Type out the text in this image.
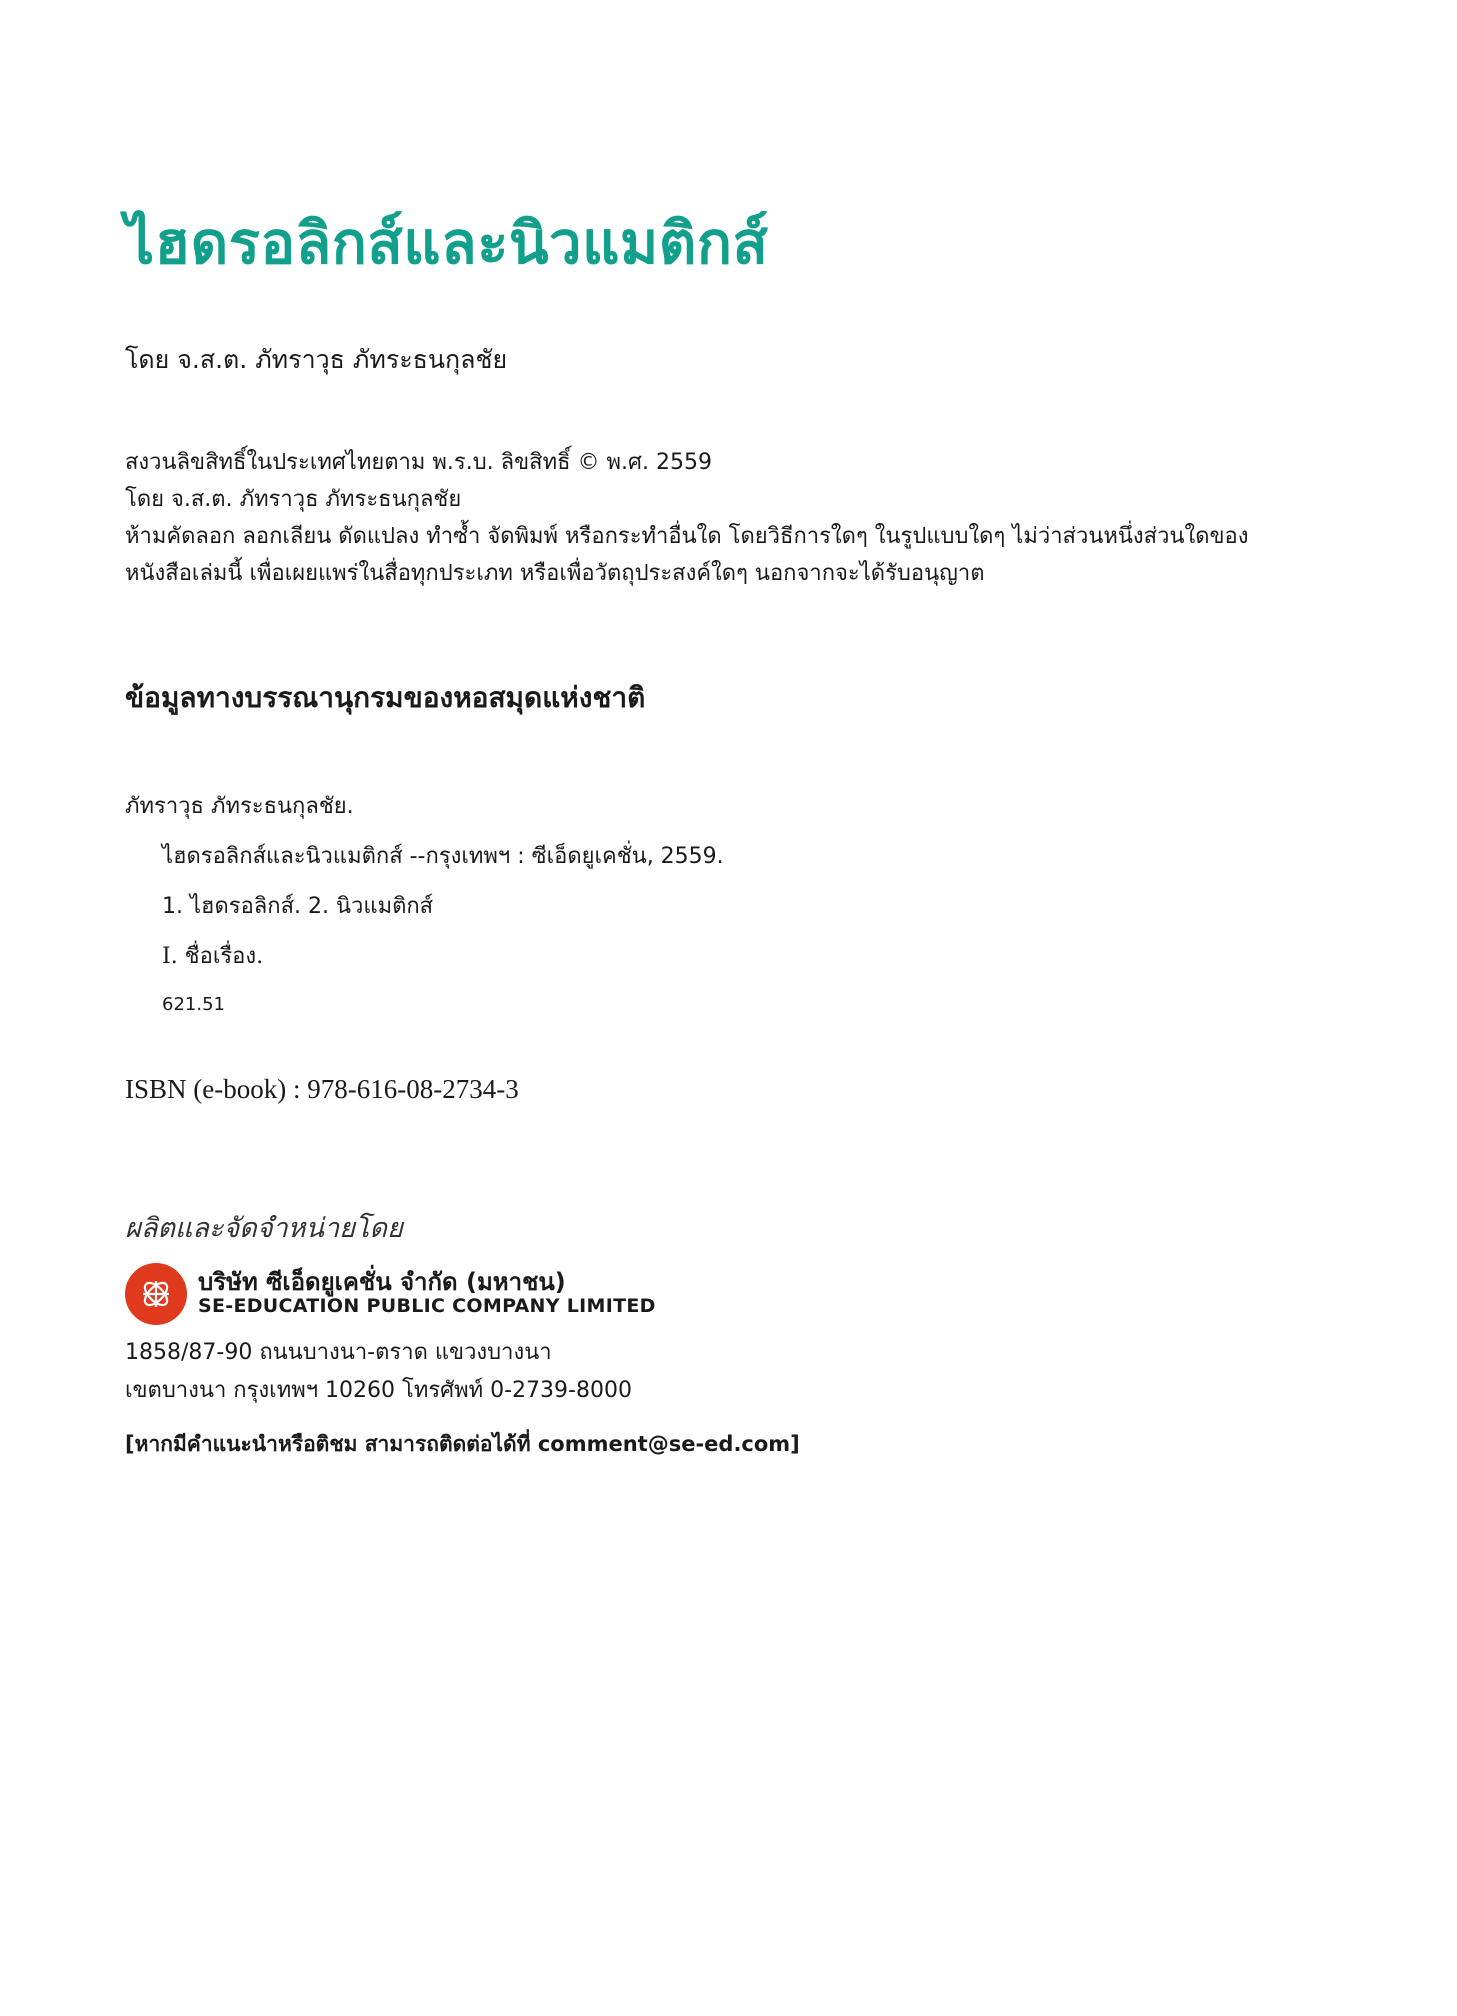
ไฮดรอลิกส์และนิวแมติกส์
โดย จ.ส.ต. ภัทราวุธ ภัทระธนกุลชัย
สงวนลิขสิทธิ์ในประเทศไทยตาม พ.ร.บ. ลิขสิทธิ์ © พ.ศ. 2559
โดย จ.ส.ต. ภัทราวุธ ภัทระธนกุลชัย
ห้ามคัดลอก ลอกเลียน ดัดแปลง ทำซ้ำ จัดพิมพ์ หรือกระทำอื่นใด โดยวิธีการใดๆ ในรูปแบบใดๆ ไม่ว่าส่วนหนึ่งส่วนใดของ
หนังสือเล่มนี้ เพื่อเผยแพร่ในสื่อทุกประเภท หรือเพื่อวัตถุประสงค์ใดๆ นอกจากจะได้รับอนุญาต
ข้อมูลทางบรรณานุกรมของหอสมุดแห่งชาติ
ภัทราวุธ ภัทระธนกุลชัย.
ไฮดรอลิกส์และนิวแมติกส์ --กรุงเทพฯ : ซีเอ็ดยูเคชั่น, 2559.
1. ไฮดรอลิกส์. 2. นิวแมติกส์
I. ชื่อเรื่อง.
621.51
ISBN (e-book) : 978-616-08-2734-3
ผลิตและจัดจำหน่ายโดย
บริษัท ซีเอ็ดยูเคชั่น จำกัด (มหาชน)
SE-EDUCATION PUBLIC COMPANY LIMITED
1858/87-90 ถนนบางนา-ตราด แขวงบางนา
เขตบางนา กรุงเทพฯ 10260 โทรศัพท์ 0-2739-8000
[หากมีคำแนะนำหรือติชม สามารถติดต่อได้ที่ comment@se-ed.com]
